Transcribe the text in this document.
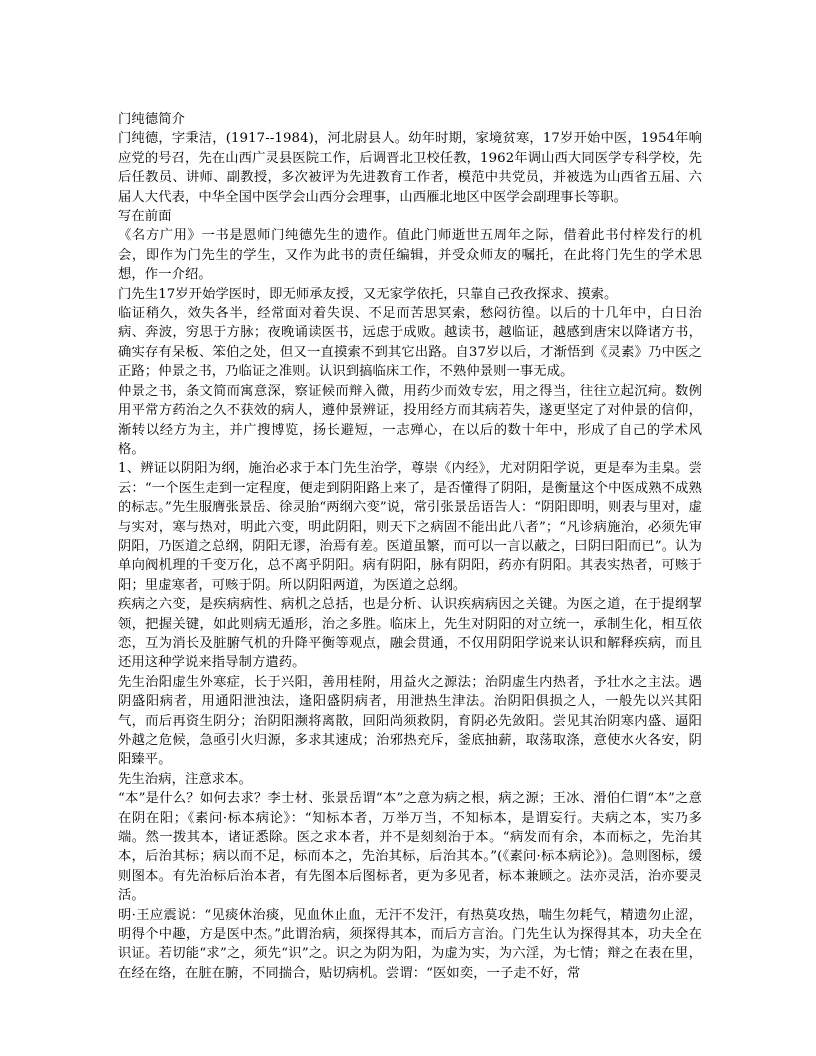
门纯德简介

门纯德，字秉洁，(1917--1984)，河北尉县人。幼年时期，家境贫寒，17岁开始中医，1954年响应党的号召，先在山西广灵县医院工作，后调晋北卫校任教，1962年调山西大同医学专科学校，先后任教员、讲师、副教授，多次被评为先进教育工作者，模范中共党员，并被选为山西省五届、六届人大代表，中华全国中医学会山西分会理事，山西雁北地区中医学会副理事长等职。

写在前面

《名方广用》一书是恩师门纯德先生的遗作。值此门师逝世五周年之际，借着此书付梓发行的机会，即作为门先生的学生，又作为此书的责任编辑，并受众师友的嘱托，在此将门先生的学术思想，作一介绍。

门先生17岁开始学医时，即无师承友授，又无家学依托，只靠自己孜孜探求、摸索。

临证稍久，效失各半，经常面对着失误、不足而苦思冥索，愁闷彷徨。以后的十几年中，白日治病、奔波，穷思于方脉；夜晚诵读医书，远虑于成败。越读书，越临证，越感到唐宋以降诸方书，确实存有呆板、笨伯之处，但又一直摸索不到其它出路。自37岁以后，才渐悟到《灵素》乃中医之正路；仲景之书，乃临证之准则。认识到搞临床工作，不熟仲景则一事无成。

仲景之书，条文简而寓意深，察证候而辩入微，用药少而效专宏，用之得当，往往立起沉疴。数例用平常方药治之久不获效的病人，遵仲景辨证，投用经方而其病若失，遂更坚定了对仲景的信仰，渐转以经方为主，并广搜博览，扬长避短，一志殚心，在以后的数十年中，形成了自己的学术风格。

1、辨证以阴阳为纲，施治必求于本门先生治学，尊崇《内经》，尤对阴阳学说，更是奉为圭臬。尝云：“一个医生走到一定程度，便走到阴阳路上来了，是否懂得了阴阳，是衡量这个中医成熟不成熟的标志。”先生服膺张景岳、徐灵胎“两纲六变”说，常引张景岳语告人：“阴阳即明，则表与里对，虚与实对，寒与热对，明此六变，明此阴阳，则天下之病固不能出此八者”；“凡诊病施治，必须先审阴阳，乃医道之总纲，阴阳无谬，治焉有差。医道虽繁，而可以一言以蔽之，曰阴曰阳而已”。认为单向阀机理的千变万化，总不离乎阴阳。病有阴阳，脉有阴阳，药亦有阴阳。其表实热者，可赅于阳；里虚寒者，可赅于阴。所以阴阳两道，为医道之总纲。

疾病之六变，是疾病病性、病机之总括，也是分析、认识疾病病因之关键。为医之道，在于提纲挈领，把握关键，如此则病无遁形，治之多胜。临床上，先生对阴阳的对立统一，承制生化，相互依恋，互为消长及脏腑气机的升降平衡等观点，融会贯通，不仅用阴阳学说来认识和解释疾病，而且还用这种学说来指导制方遣药。

先生治阳虚生外寒症，长于兴阳，善用桂附，用益火之源法；治阴虚生内热者，予壮水之主法。遇阴盛阳病者，用通阳泄浊法，逢阳盛阴病者，用泄热生津法。治阴阳俱损之人，一般先以兴其阳气，而后再资生阴分；治阴阳濒将离散，回阳尚须救阴，育阴必先敛阳。尝见其治阴寒内盛、逼阳外越之危候，急亟引火归源，多求其速成；治邪热充斥，釜底抽薪，取荡取涤，意使水火各安，阴阳臻平。

先生治病，注意求本。

“本”是什么？如何去求？李士材、张景岳谓“本”之意为病之根，病之源；王冰、滑伯仁谓“本”之意在阴在阳；《素问·标本病论》：“知标本者，万举万当，不知标本，是谓妄行。夫病之本，实乃多端。然一拨其本，诸证悉除。医之求本者，并不是刻刻治于本。“病发而有余，本而标之，先治其本，后治其标；病以而不足，标而本之，先治其标，后治其本。”(《素问·标本病论》)。急则图标，缓则图本。有先治标后治本者，有先图本后图标者，更为多见者，标本兼顾之。法亦灵活，治亦要灵活。

明·王应震说：“见痰休治痰，见血休止血，无汗不发汗，有热莫攻热，喘生勿耗气，精遗勿止涩，明得个中趣，方是医中杰。”此谓治病，须探得其本，而后方言治。门先生认为探得其本，功夫全在识证。若切能“求”之，须先“识”之。识之为阴为阳，为虚为实，为六淫，为七情；辩之在表在里，在经在络，在脏在腑，不同揣合，贴切病机。尝谓：“医如奕，一子走不好，常
